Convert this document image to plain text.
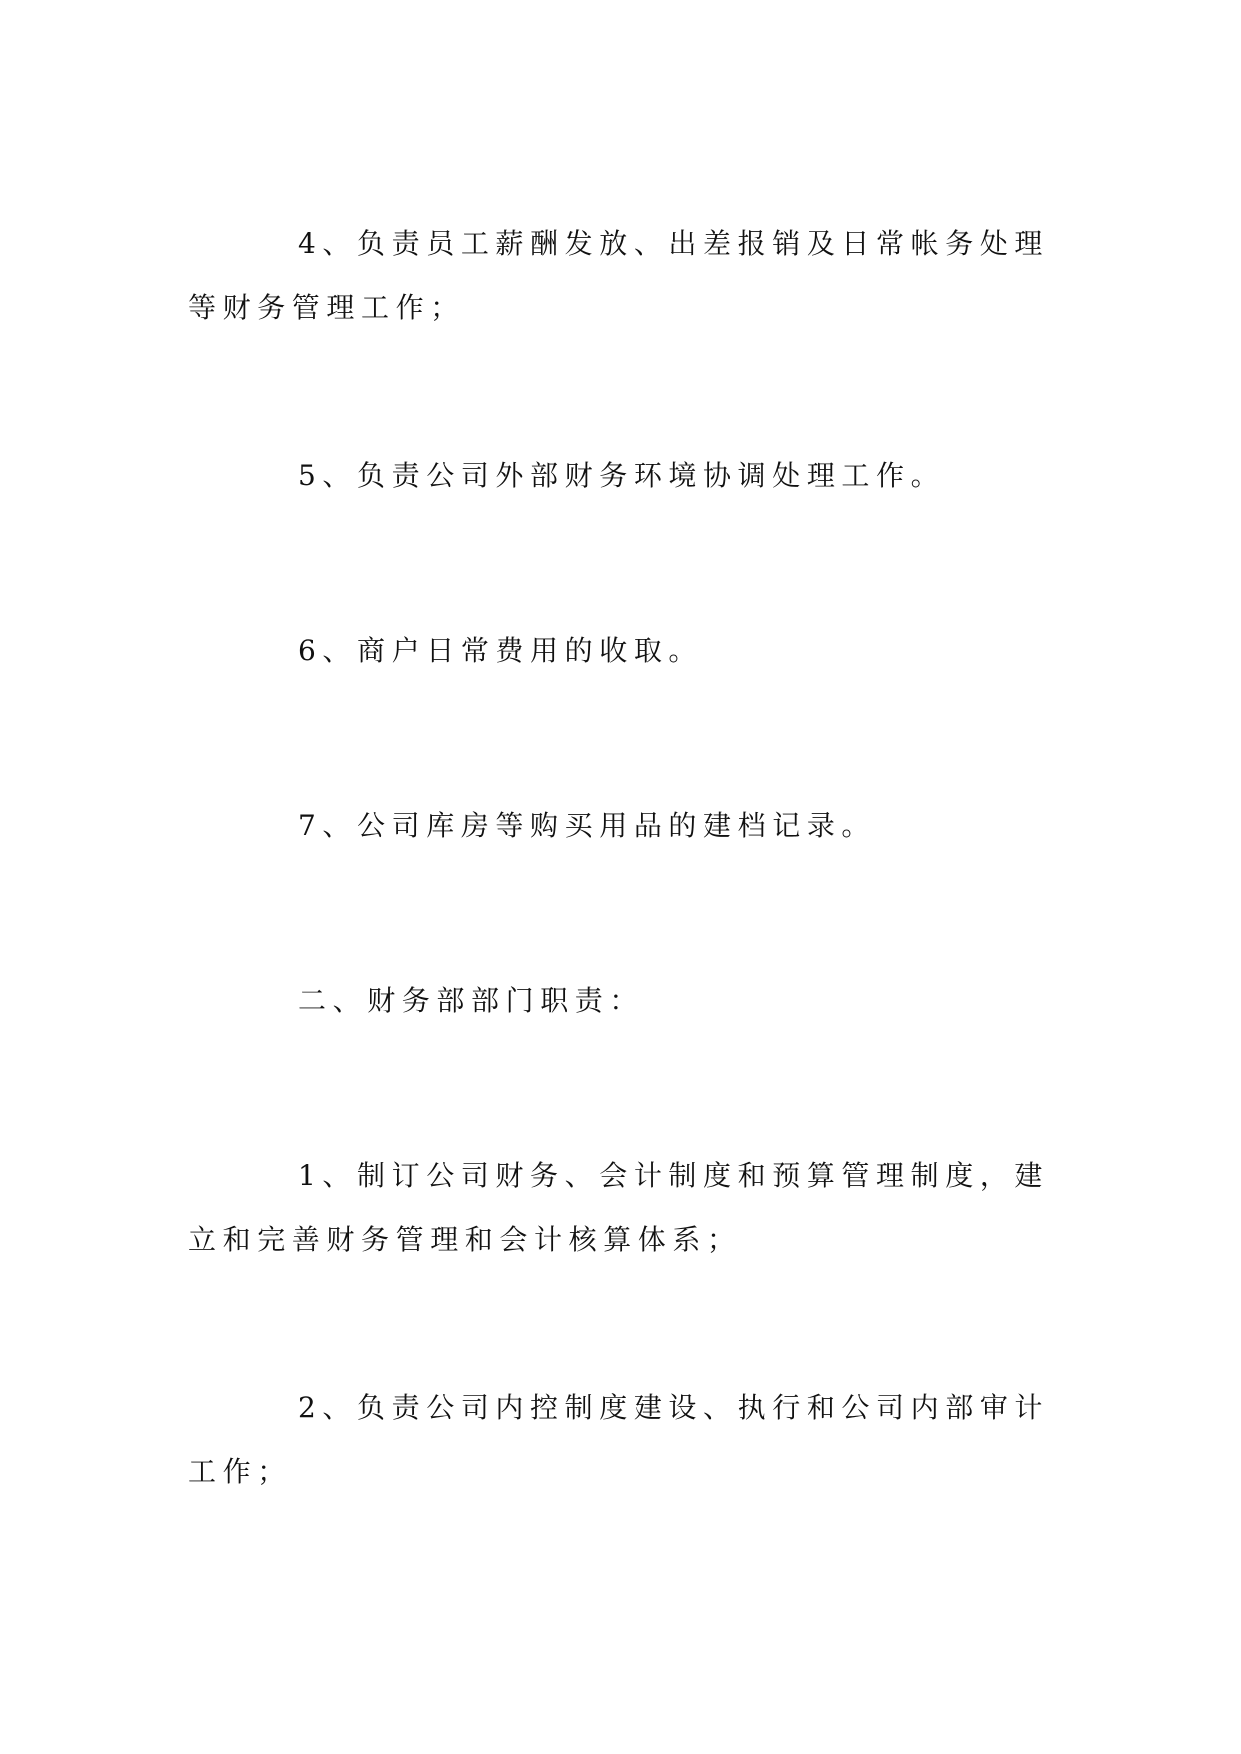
4、负责员工薪酬发放、出差报销及日常帐务处理等财务管理工作；

5、负责公司外部财务环境协调处理工作。

6、商户日常费用的收取。

7、公司库房等购买用品的建档记录。

二、财务部部门职责：

1、制订公司财务、会计制度和预算管理制度，建立和完善财务管理和会计核算体系；

2、负责公司内控制度建设、执行和公司内部审计工作；
